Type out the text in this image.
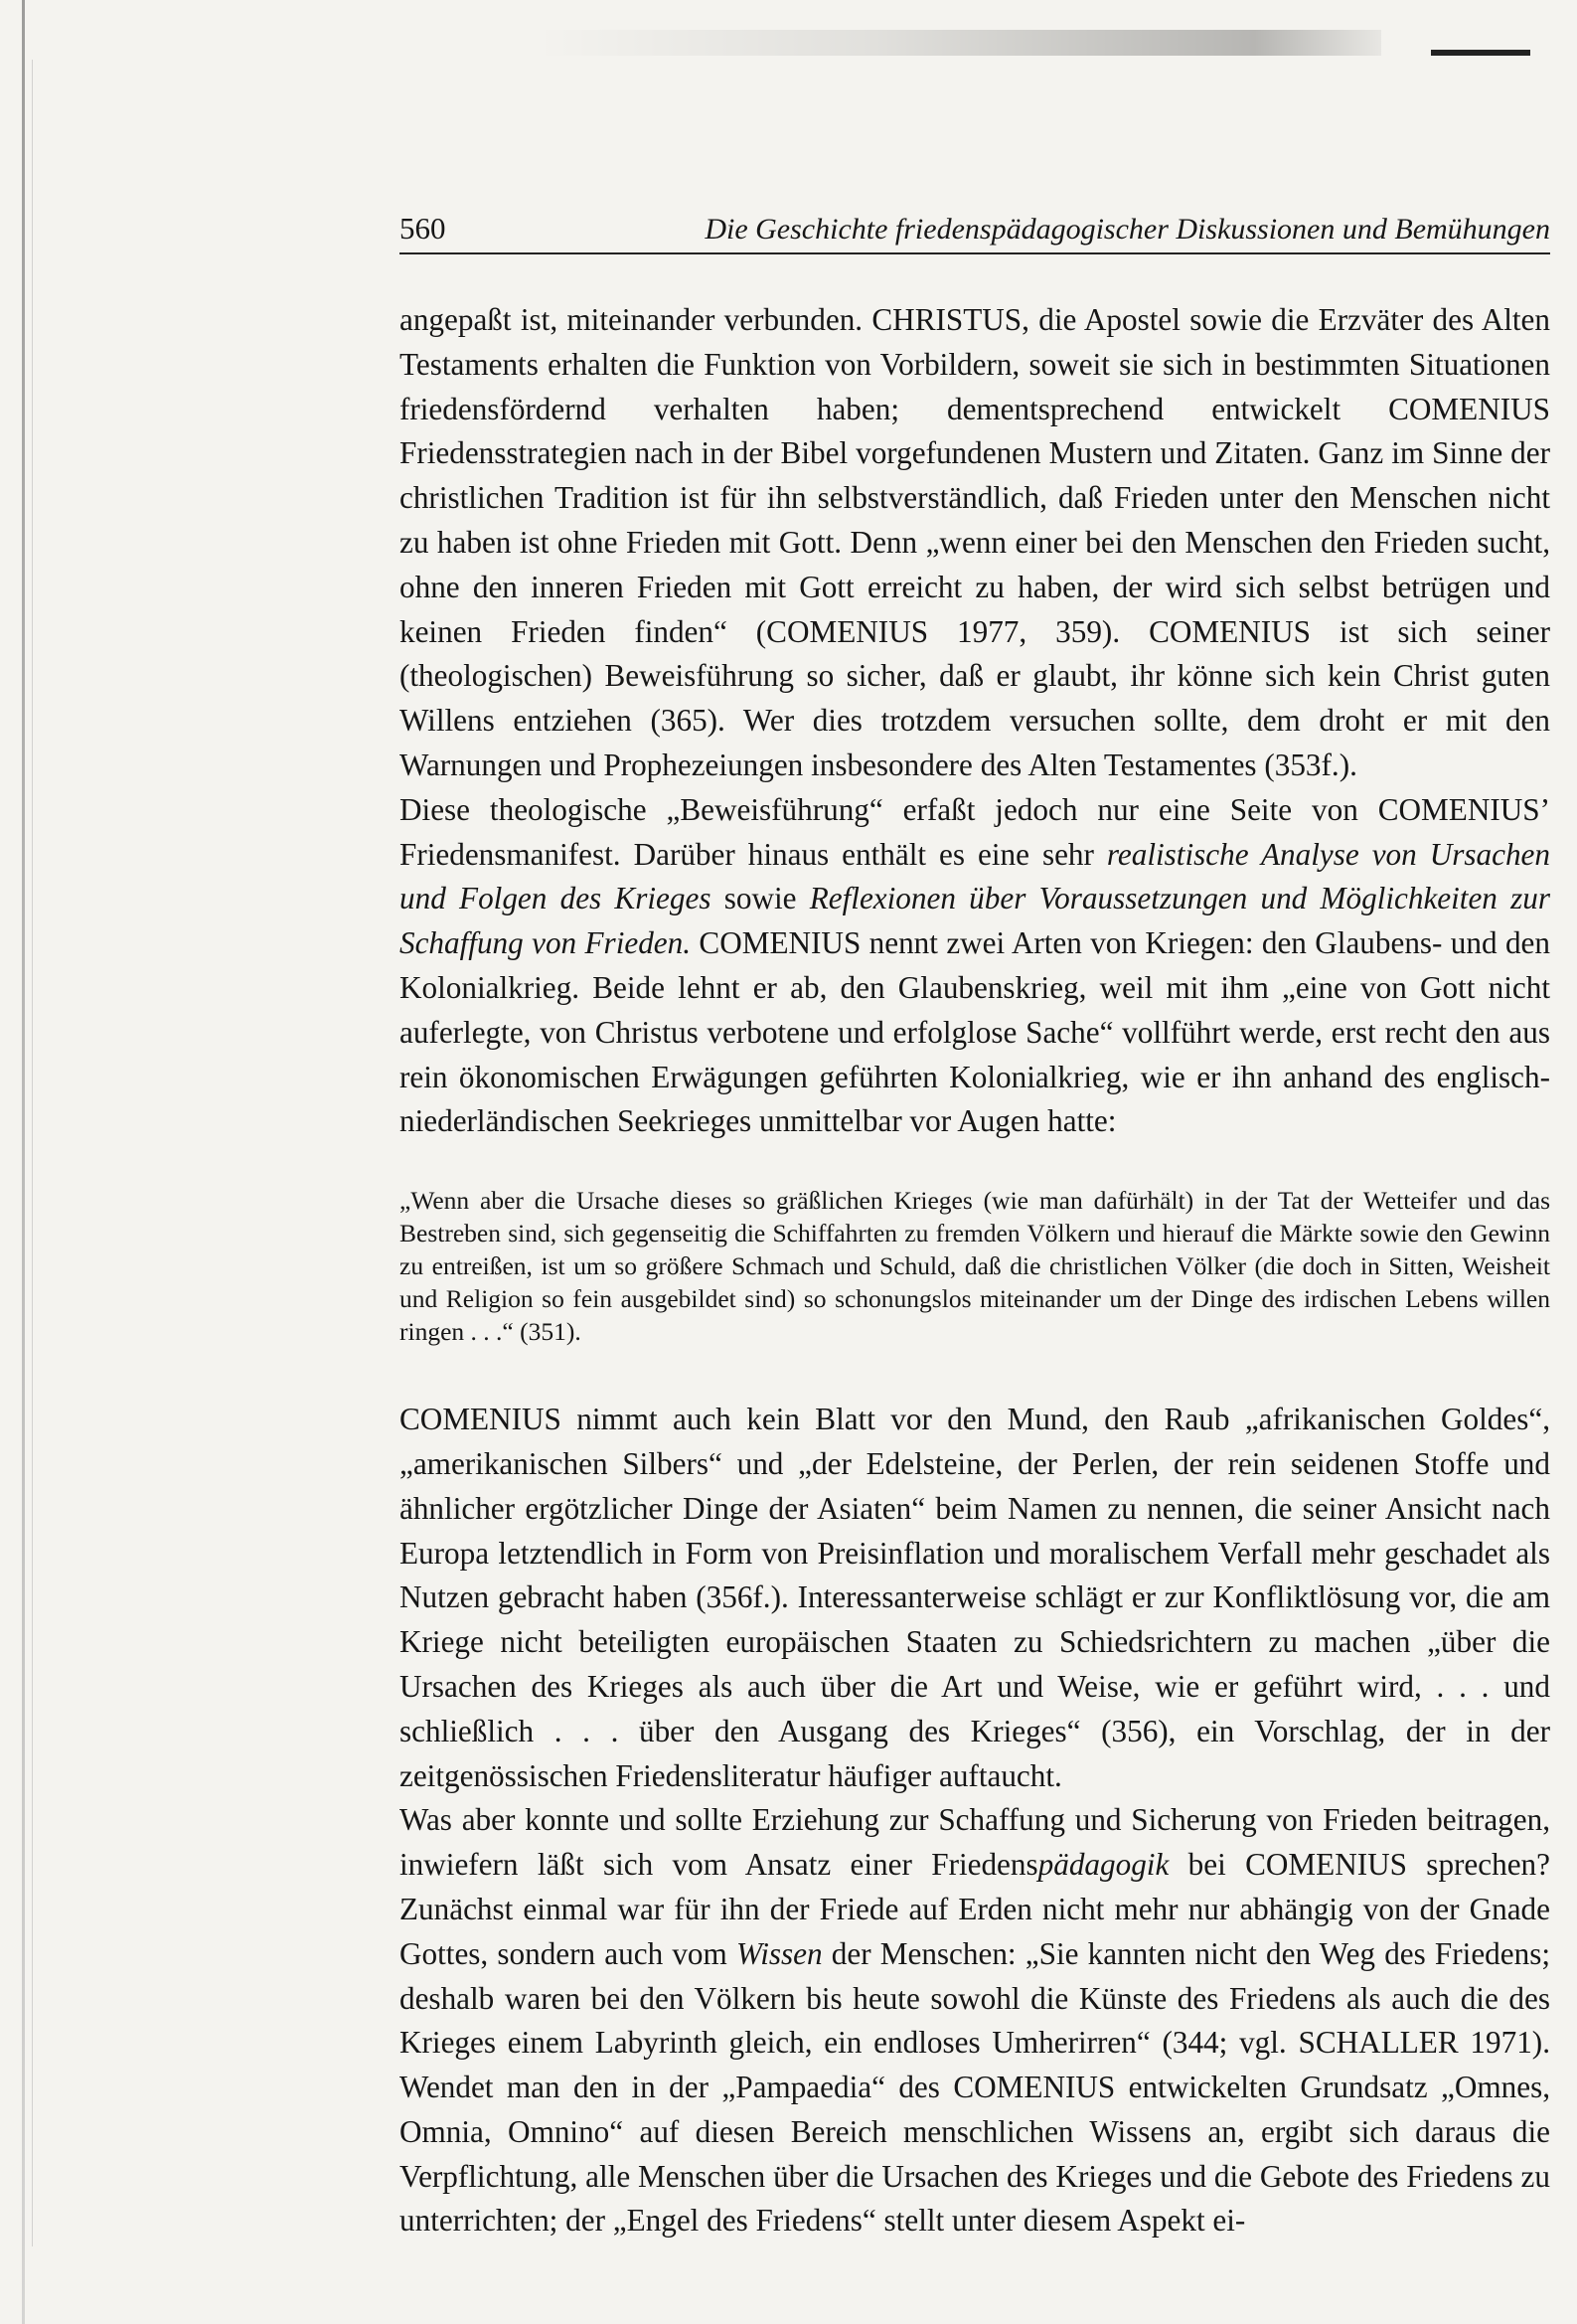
560	Die Geschichte friedenspädagogischer Diskussionen und Bemühungen

angepaßt ist, miteinander verbunden. CHRISTUS, die Apostel sowie die Erzväter des Alten Testaments erhalten die Funktion von Vorbildern, soweit sie sich in bestimmten Situationen friedensfördernd verhalten haben; dementsprechend entwickelt COMENIUS Friedensstrategien nach in der Bibel vorgefundenen Mustern und Zitaten. Ganz im Sinne der christlichen Tradition ist für ihn selbstverständlich, daß Frieden unter den Menschen nicht zu haben ist ohne Frieden mit Gott. Denn „wenn einer bei den Menschen den Frieden sucht, ohne den inneren Frieden mit Gott erreicht zu haben, der wird sich selbst betrügen und keinen Frieden finden“ (COMENIUS 1977, 359). COMENIUS ist sich seiner (theologischen) Beweisführung so sicher, daß er glaubt, ihr könne sich kein Christ guten Willens entziehen (365). Wer dies trotzdem versuchen sollte, dem droht er mit den Warnungen und Prophezeiungen insbesondere des Alten Testamentes (353f.).

Diese theologische „Beweisführung“ erfaßt jedoch nur eine Seite von COMENIUS’ Friedensmanifest. Darüber hinaus enthält es eine sehr realistische Analyse von Ursachen und Folgen des Krieges sowie Reflexionen über Voraussetzungen und Möglichkeiten zur Schaffung von Frieden. COMENIUS nennt zwei Arten von Kriegen: den Glaubens- und den Kolonialkrieg. Beide lehnt er ab, den Glaubenskrieg, weil mit ihm „eine von Gott nicht auferlegte, von Christus verbotene und erfolglose Sache“ vollführt werde, erst recht den aus rein ökonomischen Erwägungen geführten Kolonialkrieg, wie er ihn anhand des englisch-niederländischen Seekrieges unmittelbar vor Augen hatte:

„Wenn aber die Ursache dieses so gräßlichen Krieges (wie man dafürhält) in der Tat der Wetteifer und das Bestreben sind, sich gegenseitig die Schiffahrten zu fremden Völkern und hierauf die Märkte sowie den Gewinn zu entreißen, ist um so größere Schmach und Schuld, daß die christlichen Völker (die doch in Sitten, Weisheit und Religion so fein ausgebildet sind) so schonungslos miteinander um der Dinge des irdischen Lebens willen ringen . . .“ (351).

COMENIUS nimmt auch kein Blatt vor den Mund, den Raub „afrikanischen Goldes“, „amerikanischen Silbers“ und „der Edelsteine, der Perlen, der rein seidenen Stoffe und ähnlicher ergötzlicher Dinge der Asiaten“ beim Namen zu nennen, die seiner Ansicht nach Europa letztendlich in Form von Preisinflation und moralischem Verfall mehr geschadet als Nutzen gebracht haben (356f.). Interessanterweise schlägt er zur Konfliktlösung vor, die am Kriege nicht beteiligten europäischen Staaten zu Schiedsrichtern zu machen „über die Ursachen des Krieges als auch über die Art und Weise, wie er geführt wird, . . . und schließlich . . . über den Ausgang des Krieges“ (356), ein Vorschlag, der in der zeitgenössischen Friedensliteratur häufiger auftaucht.

Was aber konnte und sollte Erziehung zur Schaffung und Sicherung von Frieden beitragen, inwiefern läßt sich vom Ansatz einer Friedenspädagogik bei COMENIUS sprechen? Zunächst einmal war für ihn der Friede auf Erden nicht mehr nur abhängig von der Gnade Gottes, sondern auch vom Wissen der Menschen: „Sie kannten nicht den Weg des Friedens; deshalb waren bei den Völkern bis heute sowohl die Künste des Friedens als auch die des Krieges einem Labyrinth gleich, ein endloses Umherirren“ (344; vgl. SCHALLER 1971). Wendet man den in der „Pampaedia“ des COMENIUS entwickelten Grundsatz „Omnes, Omnia, Omnino“ auf diesen Bereich menschlichen Wissens an, ergibt sich daraus die Verpflichtung, alle Menschen über die Ursachen des Krieges und die Gebote des Friedens zu unterrichten; der „Engel des Friedens“ stellt unter diesem Aspekt ei-
